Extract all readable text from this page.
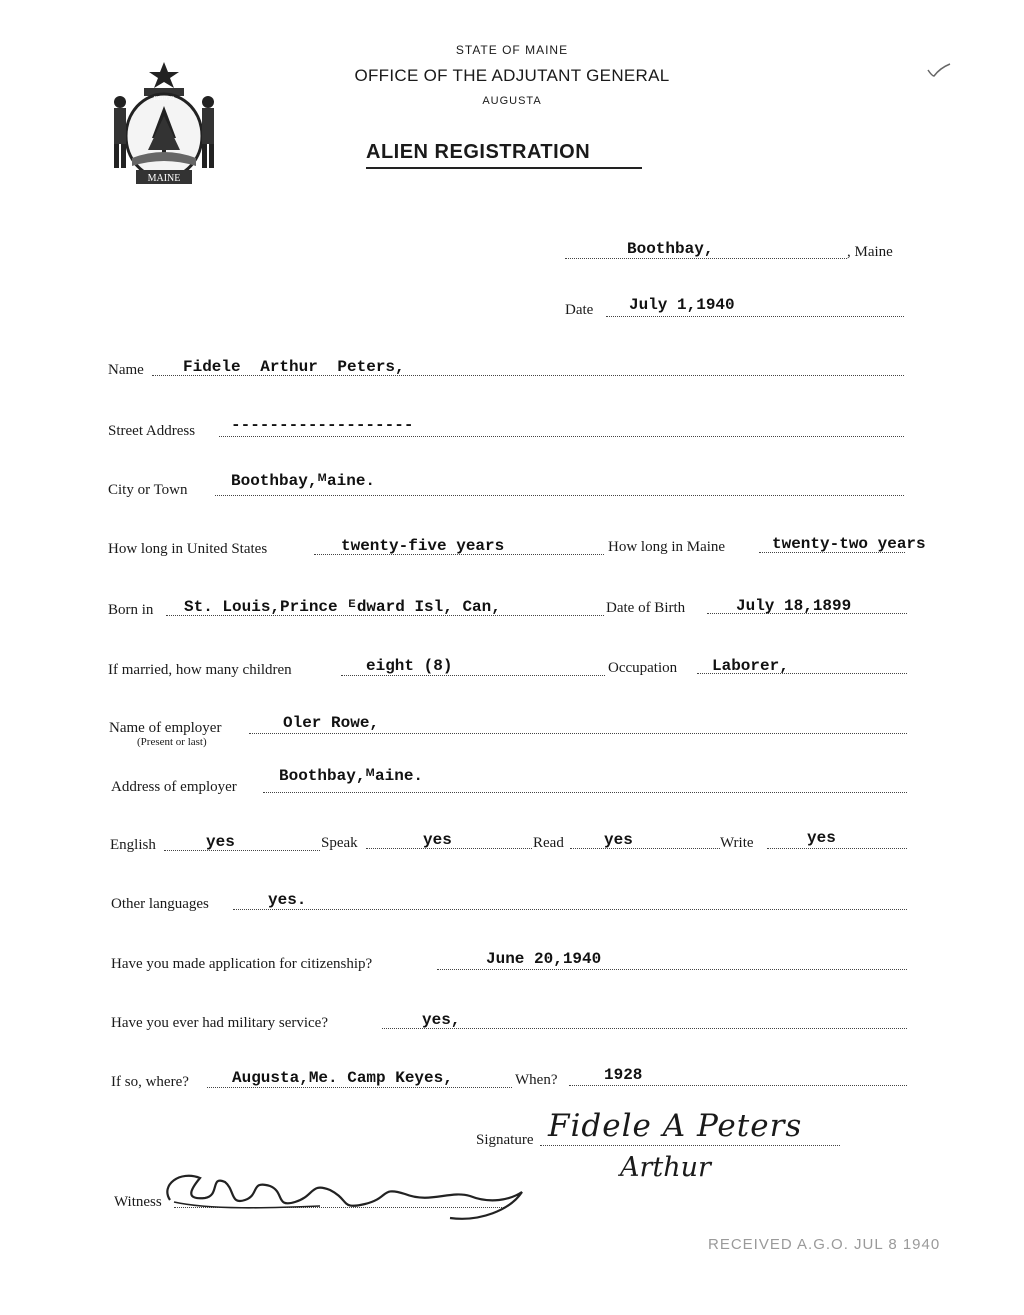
MAINE
DIRIGO
STATE OF MAINE
OFFICE OF THE ADJUTANT GENERAL
AUGUSTA
ALIEN REGISTRATION
Boothbay,	, Maine
Date July 1,1940
Name Fidele Arthur Peters,
Street Address -------------------
City or Town	Boothbay,ᴹaine.
How long in United States	twenty-five years	How long in Maine	twenty-two years
Born in St. Louis,Prince ᴱdward Isl, Can,	Date of Birth	July 18,1899
If married, how many children	eight (8)	Occupation Laborer,
Name of employer
(Present or last)
Oler Rowe,
Address of employer
Boothbay,ᴹaine.
English	yes	Speak	yes	Read	yes	Write	yes
Other languages	yes.
Have you made application for citizenship?	June 20,1940
Have you ever had military service?	yes,
If so, where?	Augusta,Me. Camp Keyes,	When?	1928
Signature Fidele A Peters
Arthur
Witness
RECEIVED A.G.O. JUL 8 1940
